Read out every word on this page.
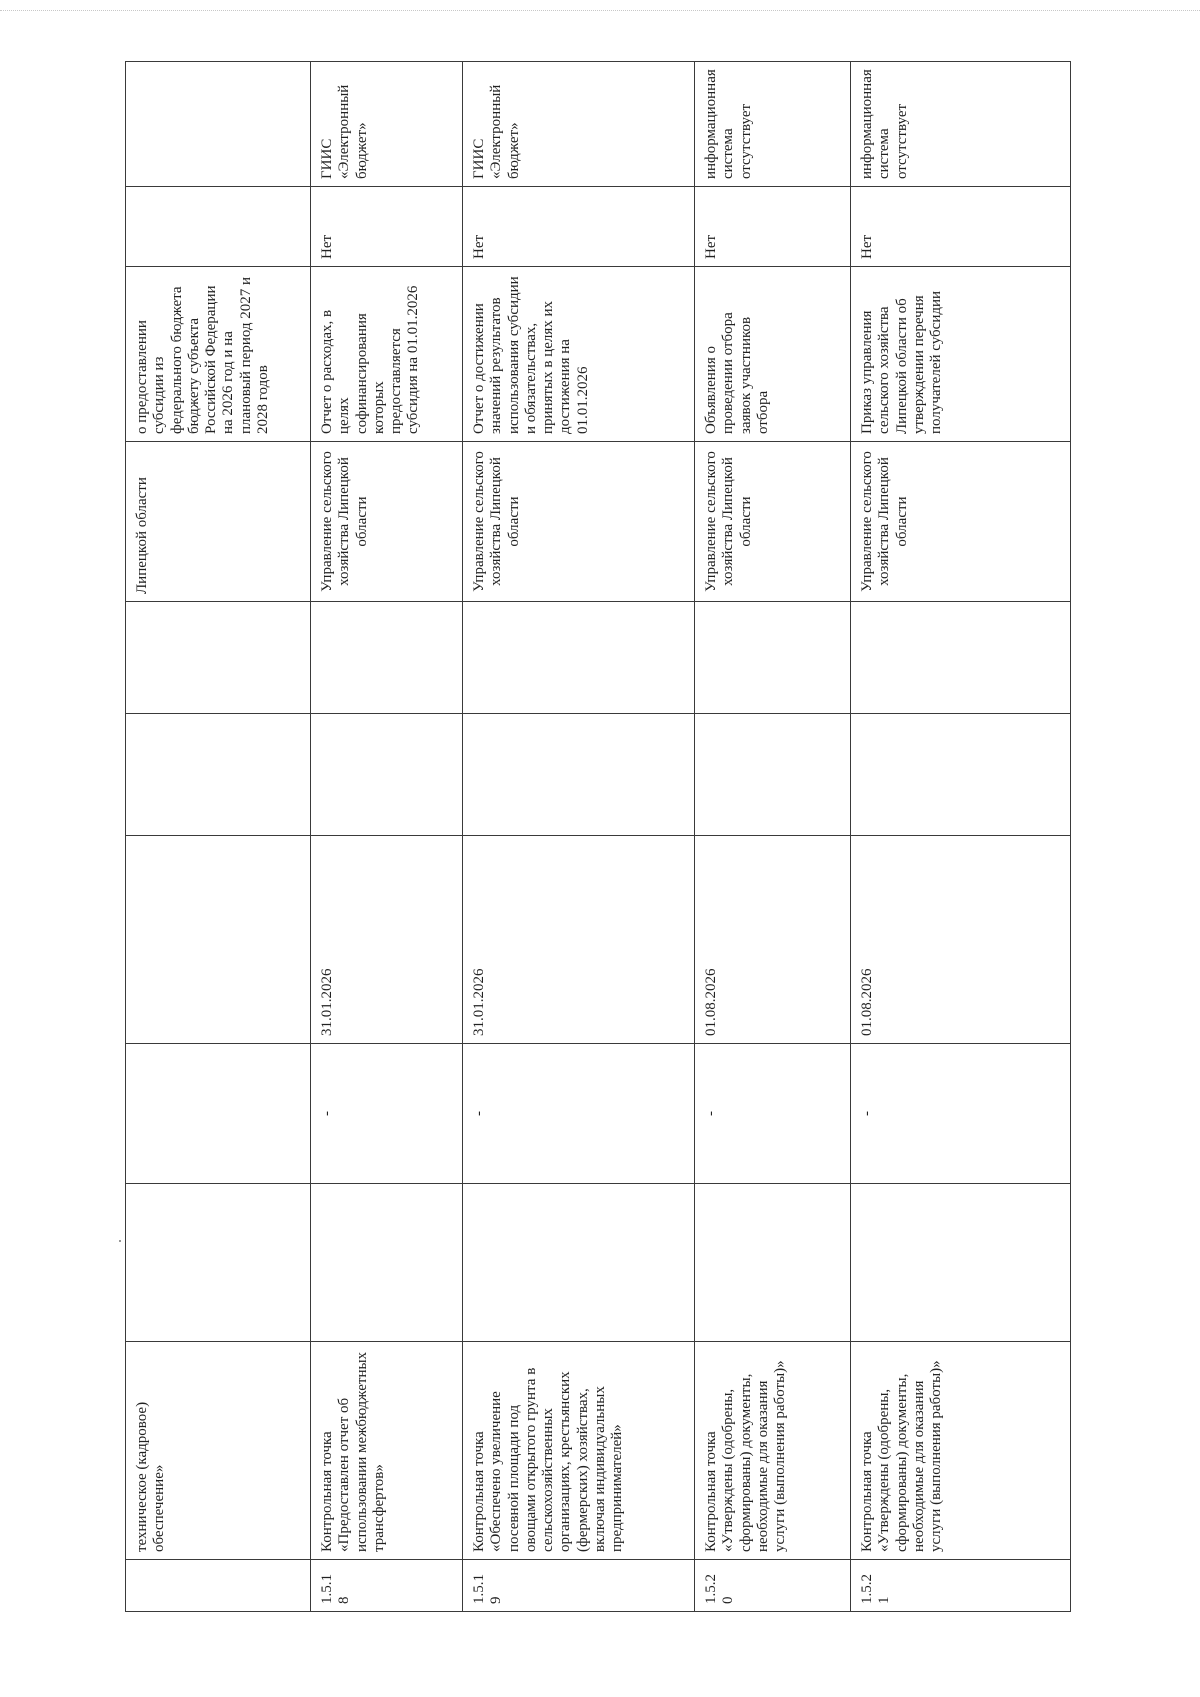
	техническое (кадровое) обеспечение»						Липецкой области	о предоставлении субсидии из федерального бюджета бюджету субъекта Российской Федерации на 2026 год и на плановый период 2027 и 2028 годов		
1.5.18	Контрольная точка «Предоставлен отчет об использовании межбюджетных трансфертов»		-	31.01.2026			Управление сельского хозяйства Липецкой области	Отчет о расходах, в целях софинансирования которых предоставляется субсидия на 01.01.2026	Нет	ГИИС «Электронный бюджет»
1.5.19	Контрольная точка «Обеспечено увеличение посевной площади под овощами открытого грунта в сельскохозяйственных организациях, крестьянских (фермерских) хозяйствах, включая индивидуальных предпринимателей»		-	31.01.2026			Управление сельского хозяйства Липецкой области	Отчет о достижении значений результатов использования субсидии и обязательствах, принятых в целях их достижения на 01.01.2026	Нет	ГИИС «Электронный бюджет»
1.5.20	Контрольная точка «Утверждены (одобрены, сформированы) документы, необходимые для оказания услуги (выполнения работы)»		-	01.08.2026			Управление сельского хозяйства Липецкой области	Объявления о проведении отбора заявок участников отбора	Нет	информационная система отсутствует
1.5.21	Контрольная точка «Утверждены (одобрены, сформированы) документы, необходимые для оказания услуги (выполнения работы)»		-	01.08.2026			Управление сельского хозяйства Липецкой области	Приказ управления сельского хозяйства Липецкой области об утверждении перечня получателей субсидии	Нет	информационная система отсутствует
